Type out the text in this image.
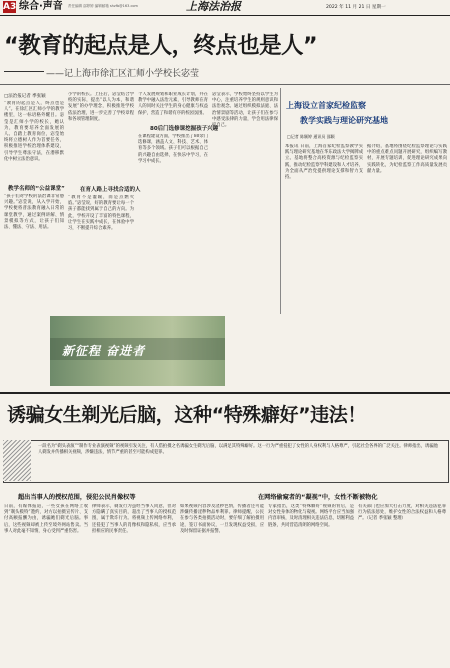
A3 综合·声音 责任编辑 邵婷婷 编辑邮箱 shzfb@163.com	上海法治报	2022 年 11 月 21 日 星期一
“教育的起点是人，终点也是人”
——记上海市徐汇区汇师小学校长宓莹
□法治报记者 季张颖
“教育的起点是人，终点也是人”。在徐汇区汇师小学的教学楼里，这一标语格外醒目。宓莹是汇师小学的校长，她认为，教育要培养全面发展的人。自踏上教育岗位，宓莹始终将立德树人作为首要任务，积极推进学校治理体系建设，引导学生尊法守法，在潜移默化中树立法治意识。
教学名师的“公益课堂”
“孩子们对学校的法治课非常感兴趣。”宓莹说，从入学开始，学校便将普法教育融入日常的课堂教学，通过案例讲解、情景模拟等方式，让孩子们知法、懂法、守法、用法。
小学的校长。上任后，宓莹结合学校的实际，提出“以人为本，和谐发展”的办学理念，积极推进学校依法治理，进一步完善了学校章程和各项管理制度。
在育人路上寻找合适的人
“教育不是灌输，而是点燃火焰。”宓莹说，好的教育要让每一个孩子都能找到属于自己的方向。为此，学校开设了丰富的特色课程，让学生在实践中成长，在体验中学习，不断提升综合素养。
个人发展规划和职业成长计划，并在教学中融入法治元素，引导教师在育人的同时关注学生的身心健康与权益保护，营造了和谐有序的校园氛围。
80后门选修课挖掘孩子兴趣
在课程建设方面，学校推出了80余门选修课，涵盖人文、科技、艺术、体育等多个领域。孩子们可以根据自己的兴趣自由选择，在快乐中学习，在学习中成长。
宓莹表示，学校始终坚持以学生为中心，注重培养学生的规则意识和法治观念。通过组织模拟法庭、法治情景剧等活动，让孩子们在参与中感受法律的力量，学会用法律保护自己。
上海设立首家纪检监察
教学实践与理论研究基地
□记者 陈颖婷 通讯员 邵颖
本报讯 日前，上海首家纪检监察教学实践与理论研究基地在华东政法大学揭牌成立。基地将整合高校资源与纪检监察实践，推动纪检监察学科建设和人才培养，为全面从严治党提供理论支撑和智力支持。
据介绍，基地将围绕纪检监察理论与实践中的重点难点问题开展研究，组织编写教材，开展专题培训，促进理论研究成果向实践转化，为纪检监察工作高质量发展贡献力量。
新征程 奋进者
诱骗女生剃光后脑，这种“特殊癖好”违法！
一段名为“剃头表演”“制作专业表演视频”的视频引发关注，有人借拍摄之名诱骗女生剃光后脑，以满足其特殊癖好。这一行为严重侵犯了女性的人身权利与人格尊严，引起社会各界的广泛关注。律师指出，诱骗他人剃发并传播相关视频，涉嫌违法，情节严重的甚至可能构成犯罪。
超出当事人的授权范围，侵犯公民肖像权等	在网络偷窥者的“凝视”中，女性不断被物化
日前，有媒体报道，一些女孩在网络上收到“剃头模特”邀约，对方以拍摄宣传片、支付高额报酬为由，诱骗她们剃光后脑。事后，这些视频却被上传至境外网站售卖。当事人对此毫不知情，身心受到严重伤害。
律师表示，剃发行为虽经当事人同意，但对方隐瞒了真实目的，超出了当事人的授权范围，属于欺诈行为。将视频上传网络牟利，还侵犯了当事人的肖像权和隐私权，应当承担相应的民事责任。
如果视频内容涉及淫秽色情，传播者还可能涉嫌传播淫秽物品牟利罪。律师提醒，公民在参与各类拍摄活动时，要仔细了解拍摄用途，签订书面协议，一旦发现权益受损，应及时保留证据并报警。
专家指出，这类“特殊癖好”视频的背后，是对女性身体的物化与窥视。网络平台应当加强内容审核，及时清理相关违法信息，切断利益链条，共同营造清朗的网络空间。
有关部门也应加大打击力度，对相关违法犯罪行为依法惩处，维护女性的合法权益和人格尊严。（记者 季张颖 整理）
